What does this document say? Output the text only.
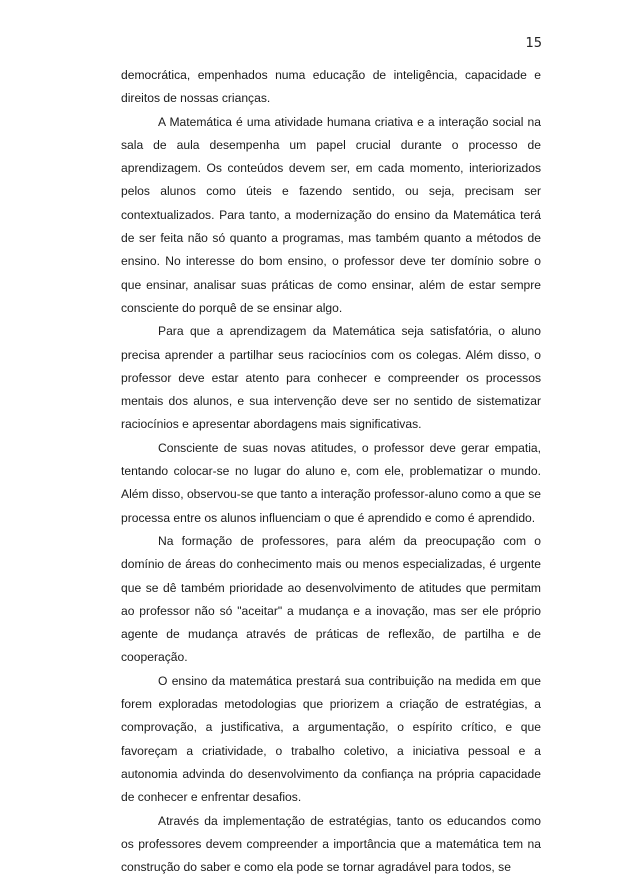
15

democrática, empenhados numa educação de inteligência, capacidade e direitos de nossas crianças.

A Matemática é uma atividade humana criativa e a interação social na sala de aula desempenha um papel crucial durante o processo de aprendizagem. Os conteúdos devem ser, em cada momento, interiorizados pelos alunos como úteis e fazendo sentido, ou seja, precisam ser contextualizados. Para tanto, a modernização do ensino da Matemática terá de ser feita não só quanto a programas, mas também quanto a métodos de ensino. No interesse do bom ensino, o professor deve ter domínio sobre o que ensinar, analisar suas práticas de como ensinar, além de estar sempre consciente do porquê de se ensinar algo.

Para que a aprendizagem da Matemática seja satisfatória, o aluno precisa aprender a partilhar seus raciocínios com os colegas. Além disso, o professor deve estar atento para conhecer e compreender os processos mentais dos alunos, e sua intervenção deve ser no sentido de sistematizar raciocínios e apresentar abordagens mais significativas.

Consciente de suas novas atitudes, o professor deve gerar empatia, tentando colocar-se no lugar do aluno e, com ele, problematizar o mundo. Além disso, observou-se que tanto a interação professor-aluno como a que se processa entre os alunos influenciam o que é aprendido e como é aprendido.

Na formação de professores, para além da preocupação com o domínio de áreas do conhecimento mais ou menos especializadas, é urgente que se dê também prioridade ao desenvolvimento de atitudes que permitam ao professor não só "aceitar" a mudança e a inovação, mas ser ele próprio agente de mudança através de práticas de reflexão, de partilha e de cooperação.

O ensino da matemática prestará sua contribuição na medida em que forem exploradas metodologias que priorizem a criação de estratégias, a comprovação, a justificativa, a argumentação, o espírito crítico, e que favoreçam a criatividade, o trabalho coletivo, a iniciativa pessoal e a autonomia advinda do desenvolvimento da confiança na própria capacidade de conhecer e enfrentar desafios.

Através da implementação de estratégias, tanto os educandos como os professores devem compreender a importância que a matemática tem na construção do saber e como ela pode se tornar agradável para todos, se
